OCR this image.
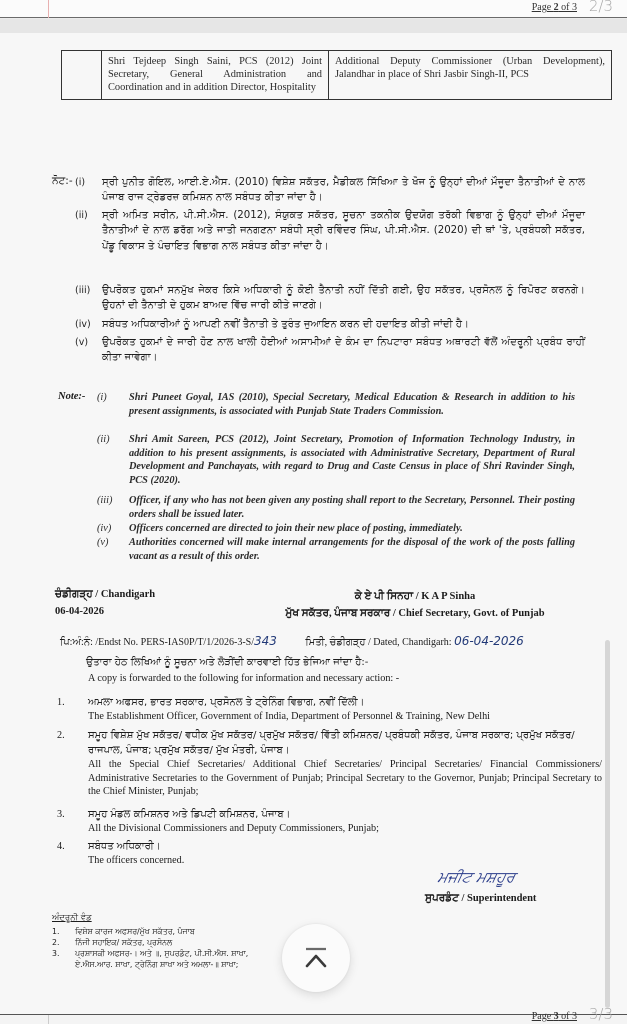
Page 2 of 3 2/3
	Shri Tejdeep Singh Saini, PCS (2012) Joint Secretary, General Administration and Coordination and in addition Director, Hospitality	Additional Deputy Commissioner (Urban Development), Jalandhar in place of Shri Jasbir Singh-II, PCS
ਨੋਟ:- (i) ਸ੍ਰੀ ਪੁਨੀਤ ਗੋਇਲ, ਆਈ.ਏ.ਐਸ. (2010) ਵਿਸ਼ੇਸ਼ ਸਕੱਤਰ, ਮੈਡੀਕਲ ਸਿੱਖਿਆ ਤੇ ਖੋਜ ਨੂੰ ਉਨ੍ਹਾਂ ਦੀਆਂ ਮੌਜੂਦਾ ਤੈਨਾਤੀਆਂ ਦੇ ਨਾਲ ਪੰਜਾਬ ਰਾਜ ਟ੍ਰੇਡਰਜ਼ ਕਮਿਸ਼ਨ ਨਾਲ ਸਬੰਧਤ ਕੀਤਾ ਜਾਂਦਾ ਹੈ।
(ii) ਸ੍ਰੀ ਅਮਿਤ ਸਰੀਨ, ਪੀ.ਸੀ.ਐਸ. (2012), ਸੰਯੁਕਤ ਸਕੱਤਰ, ਸੂਚਨਾ ਤਕਨੀਕ ਉਦਯੋਗ ਤਰੱਕੀ ਵਿਭਾਗ ਨੂੰ ਉਨ੍ਹਾਂ ਦੀਆਂ ਮੌਜੂਦਾ ਤੈਨਾਤੀਆਂ ਦੇ ਨਾਲ ਡਰੱਗ ਅਤੇ ਜਾਤੀ ਜਨਗਣਨਾ ਸਬੰਧੀ ਸ੍ਰੀ ਰਵਿੰਦਰ ਸਿੰਘ, ਪੀ.ਸੀ.ਐਸ. (2020) ਦੀ ਥਾਂ 'ਤੇ, ਪ੍ਰਬੰਧਕੀ ਸਕੱਤਰ, ਪੇਂਡੂ ਵਿਕਾਸ ਤੇ ਪੰਚਾਇਤ ਵਿਭਾਗ ਨਾਲ ਸਬੰਧਤ ਕੀਤਾ ਜਾਂਦਾ ਹੈ।
(iii) ਉਪਰੋਕਤ ਹੁਕਮਾਂ ਸਨਮੁੱਖ ਜੇਕਰ ਕਿਸੇ ਅਧਿਕਾਰੀ ਨੂੰ ਕੋਈ ਤੈਨਾਤੀ ਨਹੀਂ ਦਿੱਤੀ ਗਈ, ਉਹ ਸਕੱਤਰ, ਪ੍ਰਸੋਨਲ ਨੂੰ ਰਿਪੋਰਟ ਕਰਨਗੇ। ਉਹਨਾਂ ਦੀ ਤੈਨਾਤੀ ਦੇ ਹੁਕਮ ਬਾਅਦ ਵਿੱਚ ਜਾਰੀ ਕੀਤੇ ਜਾਣਗੇ।
(iv) ਸਬੰਧਤ ਅਧਿਕਾਰੀਆਂ ਨੂੰ ਆਪਣੀ ਨਵੀਂ ਤੈਨਾਤੀ ਤੇ ਤੁਰੰਤ ਜੁਆਇਨ ਕਰਨ ਦੀ ਹਦਾਇਤ ਕੀਤੀ ਜਾਂਦੀ ਹੈ।
(v) ਉਪਰੋਕਤ ਹੁਕਮਾਂ ਦੇ ਜਾਰੀ ਹੋਣ ਨਾਲ ਖਾਲੀ ਹੋਈਆਂ ਅਸਾਮੀਆਂ ਦੇ ਕੰਮ ਦਾ ਨਿਪਟਾਰਾ ਸਬੰਧਤ ਅਥਾਰਟੀ ਵੱਲੋਂ ਅੰਦਰੂਨੀ ਪ੍ਰਬੰਧ ਰਾਹੀਂ ਕੀਤਾ ਜਾਵੇਗਾ।
Note:- (i) Shri Puneet Goyal, IAS (2010), Special Secretary, Medical Education & Research in addition to his present assignments, is associated with Punjab State Traders Commission.
(ii) Shri Amit Sareen, PCS (2012), Joint Secretary, Promotion of Information Technology Industry, in addition to his present assignments, is associated with Administrative Secretary, Department of Rural Development and Panchayats, with regard to Drug and Caste Census in place of Shri Ravinder Singh, PCS (2020).
(iii) Officer, if any who has not been given any posting shall report to the Secretary, Personnel. Their posting orders shall be issued later.
(iv) Officers concerned are directed to join their new place of posting, immediately.
(v) Authorities concerned will make internal arrangements for the disposal of the work of the posts falling vacant as a result of this order.
ਚੰਡੀਗੜ੍ਹ / Chandigarh
06-04-2026
ਕੇ ਏ ਪੀ ਸਿਨਹਾ / K A P Sinha
ਮੁੱਖ ਸਕੱਤਰ, ਪੰਜਾਬ ਸਰਕਾਰ / Chief Secretary, Govt. of Punjab
ਪਿ:ਅੰ:ਨੰ: /Endst No. PERS-IAS0P/T/1/2026-3-S/343	ਮਿਤੀ, ਚੰਡੀਗੜ੍ਹ / Dated, Chandigarh: 06-04-2026
ਉਤਾਰਾ ਹੇਠ ਲਿਖਿਆਂ ਨੂੰ ਸੂਚਨਾ ਅਤੇ ਲੋੜੀਂਦੀ ਕਾਰਵਾਈ ਹਿੱਤ ਭੇਜਿਆ ਜਾਂਦਾ ਹੈ:-
A copy is forwarded to the following for information and necessary action: -
1. ਅਮਲਾ ਅਫਸਰ, ਭਾਰਤ ਸਰਕਾਰ, ਪ੍ਰਸੋਨਲ ਤੇ ਟ੍ਰੇਨਿੰਗ ਵਿਭਾਗ, ਨਵੀਂ ਦਿੱਲੀ।
The Establishment Officer, Government of India, Department of Personnel & Training, New Delhi
2. ਸਮੂਹ ਵਿਸ਼ੇਸ਼ ਮੁੱਖ ਸਕੱਤਰ/ ਵਧੀਕ ਮੁੱਖ ਸਕੱਤਰ/ ਪ੍ਰਮੁੱਖ ਸਕੱਤਰ/ ਵਿੱਤੀ ਕਮਿਸ਼ਨਰ/ ਪ੍ਰਬੰਧਕੀ ਸਕੱਤਰ, ਪੰਜਾਬ ਸਰਕਾਰ; ਪ੍ਰਮੁੱਖ ਸਕੱਤਰ/ ਰਾਜਪਾਲ, ਪੰਜਾਬ; ਪ੍ਰਮੁੱਖ ਸਕੱਤਰ/ ਮੁੱਖ ਮੰਤਰੀ, ਪੰਜਾਬ।
All the Special Chief Secretaries/ Additional Chief Secretaries/ Principal Secretaries/ Financial Commissioners/ Administrative Secretaries to the Government of Punjab; Principal Secretary to the Governor, Punjab; Principal Secretary to the Chief Minister, Punjab;
3. ਸਮੂਹ ਮੰਡਲ ਕਮਿਸ਼ਨਰ ਅਤੇ ਡਿਪਟੀ ਕਮਿਸ਼ਨਰ, ਪੰਜਾਬ।
All the Divisional Commissioners and Deputy Commissioners, Punjab;
4. ਸਬੰਧਤ ਅਧਿਕਾਰੀ।
The officers concerned.
ਮਜੀਟ ਮਸ਼ਹੂਰ
ਸੁਪਰਡੰਟ / Superintendent
ਅੰਦਰੂਨੀ ਵੰਡ
1. ਵਿਸ਼ੇਸ਼ ਕਾਰਜ ਅਫਸਰ/ਮੁੱਖ ਸਕੱਤਰ, ਪੰਜਾਬ
2. ਨਿੱਜੀ ਸਹਾਇਕ/ ਸਕੱਤਰ, ਪ੍ਰਸੋਨਲ
3. ਪ੍ਰਸ਼ਾਸਕੀ ਅਫਸਰ-। ਅਤੇ ॥, ਸੁਪਰਡੰਟ, ਪੀ.ਸੀ.ਐਸ. ਸ਼ਾਖਾ,
ਏ.ਐਸ.ਆਰ. ਸ਼ਾਖਾ, ਟ੍ਰੇਨਿੰਗ ਸ਼ਾਖਾ ਅਤੇ ਅਮਲਾ-॥ ਸ਼ਾਖਾ;
Page 3 of 3 3/3
